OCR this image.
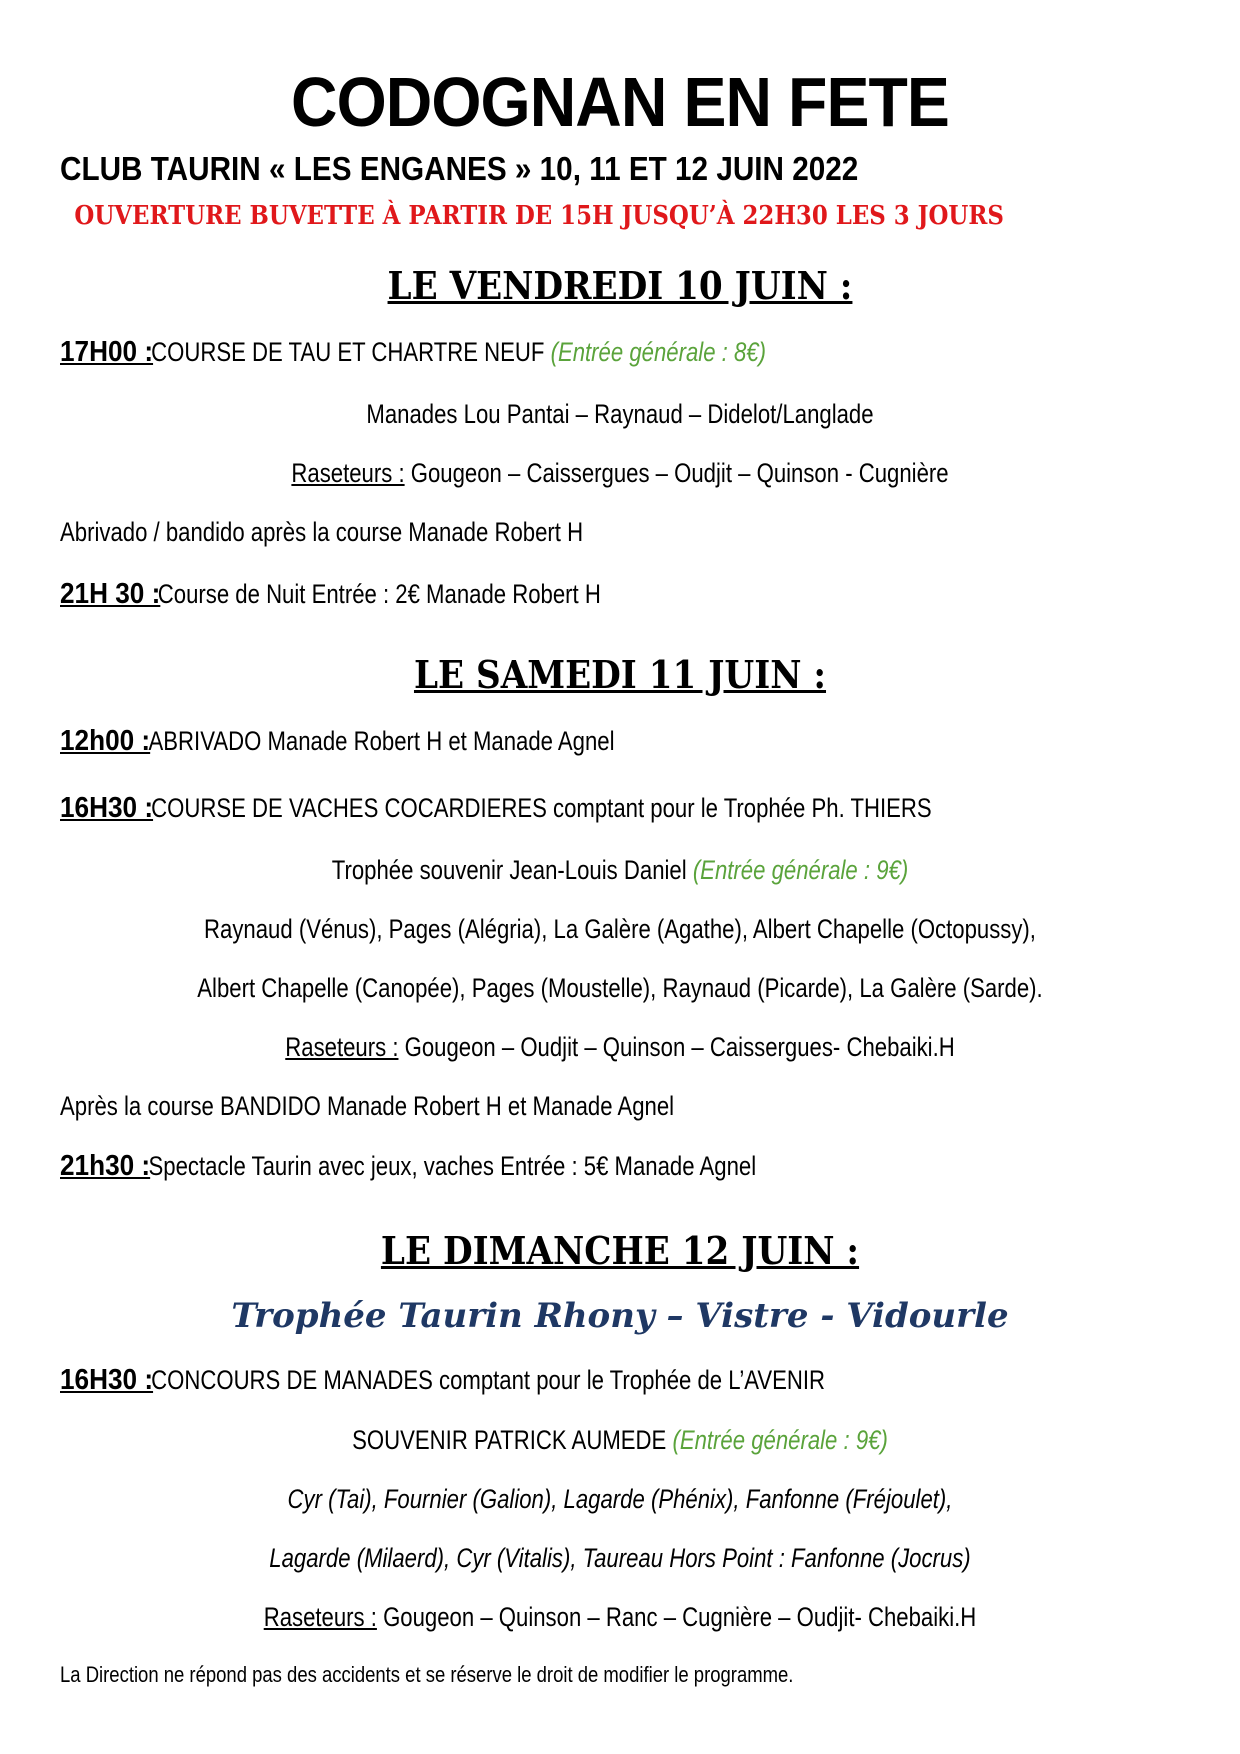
CODOGNAN EN FETE
CLUB TAURIN « LES ENGANES » 10, 11 ET 12 JUIN 2022
OUVERTURE BUVETTE À PARTIR DE 15H JUSQU’À 22H30 LES 3 JOURS
LE VENDREDI 10 JUIN :
17H00 :COURSE DE TAU ET CHARTRE NEUF (Entrée générale : 8€)
Manades Lou Pantai – Raynaud – Didelot/Langlade
Raseteurs : Gougeon – Caissergues – Oudjit – Quinson - Cugnière
Abrivado / bandido après la course Manade Robert H
21H 30 :Course de Nuit Entrée : 2€ Manade Robert H
LE SAMEDI 11 JUIN :
12h00 :ABRIVADO Manade Robert H et Manade Agnel
16H30 :COURSE DE VACHES COCARDIERES comptant pour le Trophée Ph. THIERS
Trophée souvenir Jean-Louis Daniel (Entrée générale : 9€)
Raynaud (Vénus), Pages (Alégria), La Galère (Agathe), Albert Chapelle (Octopussy),
Albert Chapelle (Canopée), Pages (Moustelle), Raynaud (Picarde), La Galère (Sarde).
Raseteurs : Gougeon – Oudjit – Quinson – Caissergues- Chebaiki.H
Après la course BANDIDO Manade Robert H et Manade Agnel
21h30 :Spectacle Taurin avec jeux, vaches Entrée : 5€ Manade Agnel
LE DIMANCHE 12 JUIN :
Trophée Taurin Rhony – Vistre - Vidourle
16H30 :CONCOURS DE MANADES comptant pour le Trophée de L’AVENIR
SOUVENIR PATRICK AUMEDE (Entrée générale : 9€)
Cyr (Tai), Fournier (Galion), Lagarde (Phénix), Fanfonne (Fréjoulet),
Lagarde (Milaerd), Cyr (Vitalis), Taureau Hors Point : Fanfonne (Jocrus)
Raseteurs : Gougeon – Quinson – Ranc – Cugnière – Oudjit- Chebaiki.H
La Direction ne répond pas des accidents et se réserve le droit de modifier le programme.
